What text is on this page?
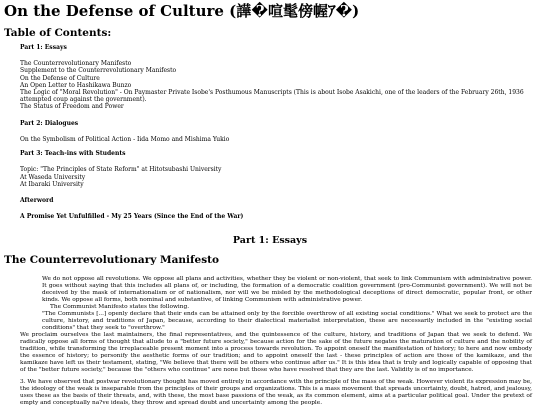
On the Defense of Culture (譁�喧髦傍幄ｱ�)
Table of Contents:

Part 1: Essays

The Counterrevolutionary Manifesto
Supplement to the Counterrevolutionary Manifesto
On the Defense of Culture
An Open Letter to Hashikawa Bunzo
The Logic of "Moral Revolution" - On Paymaster Private Isobe's Posthumous Manuscripts (This is about Isobe Asakichi, one of the leaders of the February 26th, 1936 attempted coup against the government).
The Status of Freedom and Power

Part 2: Dialogues

On the Symbolism of Political Action - Iida Momo and Mishima Yukio

Part 3: Teach-ins with Students

Topic: "The Principles of State Reform" at Hitotsubashi University
At Waseda University
At Ibaraki University

Afterword

A Promise Yet Unfulfilled - My 25 Years (Since the End of the War)

Part 1: Essays
The Counterrevolutionary Manifesto

We do not oppose all revolutions. We oppose all plans and activities, whether they be violent or non-violent, that seek to link Communism with administrative power. It goes without saying that this includes all plans of, or including, the formation of a democratic coalition government (pro-Communist government). We will not be deceived by the mask of internationalism or of nationalism, nor will we be misled by the methodological deceptions of direct democratic, popular front, or other kinds. We oppose all forms, both nominal and substantive, of linking Communism with administrative power.

The Communist Manifesto states the following.

"The Communists [...] openly declare that their ends can be attained only by the forcible overthrow of all existing social conditions." What we seek to protect are the culture, history, and traditions of Japan, because, according to their dialectical materialist interpretation, these are necessarily included in the "existing social conditions" that they seek to "overthrow."

We proclaim ourselves the last maintainers, the final representatives, and the quintessence of the culture, history, and traditions of Japan that we seek to defend. We radically oppose all forms of thought that allude to a "better future society," because action for the sake of the future negates the maturation of culture and the nobility of tradition, while transforming the irreplaceable present moment into a process towards revolution. To appoint oneself the manifestation of history; to here and now embody the essence of history; to personify the aesthetic forms of our tradition; and to appoint oneself the last - these principles of action are those of the kamikaze, and the kamikaze have left us their testament, stating, "We believe that there will be others who continue after us." It is this idea that is truly and logically capable of opposing that of the "better future society," because the "others who continue" are none but those who have resolved that they are the last. Validity is of no importance.

3. We have observed that postwar revolutionary thought has moved entirely in accordance with the principle of the mass of the weak. However violent its expression may be, the ideology of the weak is inseparable from the principles of their groups and organizations. This is a mass movement that spreads uncertainty, doubt, hatred, and jealousy, uses these as the basis of their threats, and, with these, the most base passions of the weak, as its common element, aims at a particular political goal. Under the pretext of empty and conceptually na?ve ideals, they throw and spread doubt and uncertainty among the people.
